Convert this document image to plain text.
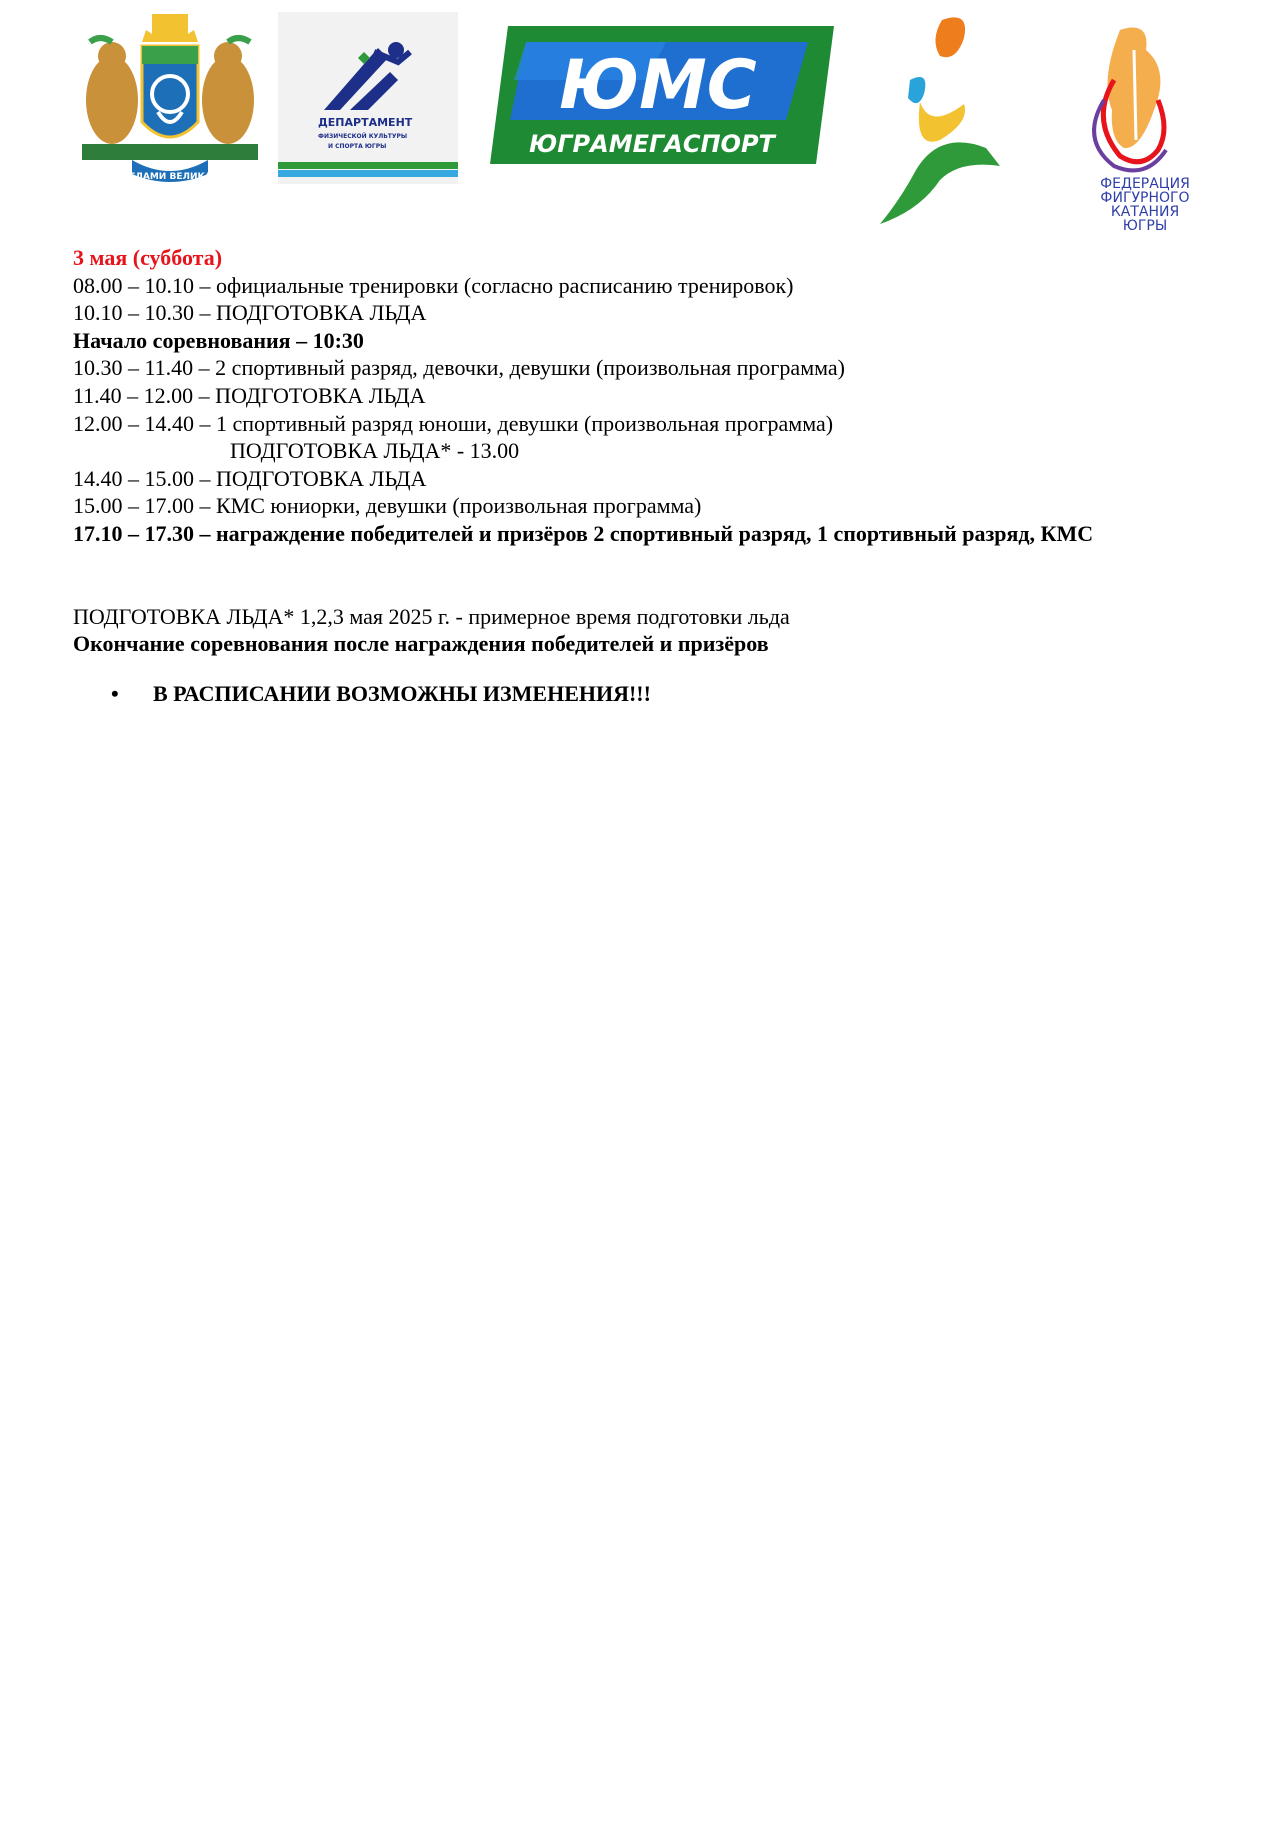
ДЕЛАМИ ВЕЛИКАЯ
ДЕПАРТАМЕНТ
ФИЗИЧЕСКОЙ КУЛЬТУРЫ
И СПОРТА ЮГРЫ
ЮМС
ЮГРАМЕГАСПОРТ
ФЕДЕРАЦИЯ
ФИГУРНОГО
КАТАНИЯ
ЮГРЫ
3 мая (суббота)
08.00 – 10.10 – официальные тренировки (согласно расписанию тренировок)
10.10 – 10.30 – ПОДГОТОВКА ЛЬДА
Начало соревнования – 10:30
10.30 – 11.40 – 2 спортивный разряд, девочки, девушки (произвольная программа)
11.40 – 12.00 – ПОДГОТОВКА ЛЬДА
12.00 – 14.40 – 1 спортивный разряд юноши, девушки (произвольная программа)
ПОДГОТОВКА ЛЬДА* - 13.00
14.40 – 15.00 – ПОДГОТОВКА ЛЬДА
15.00 – 17.00 – КМС юниорки, девушки (произвольная программа)
17.10 – 17.30 – награждение победителей и призёров 2 спортивный разряд, 1 спортивный разряд, КМС
ПОДГОТОВКА ЛЬДА* 1,2,3 мая 2025 г. - примерное время подготовки льда
Окончание соревнования после награждения победителей и призёров
• В РАСПИСАНИИ ВОЗМОЖНЫ ИЗМЕНЕНИЯ!!!
